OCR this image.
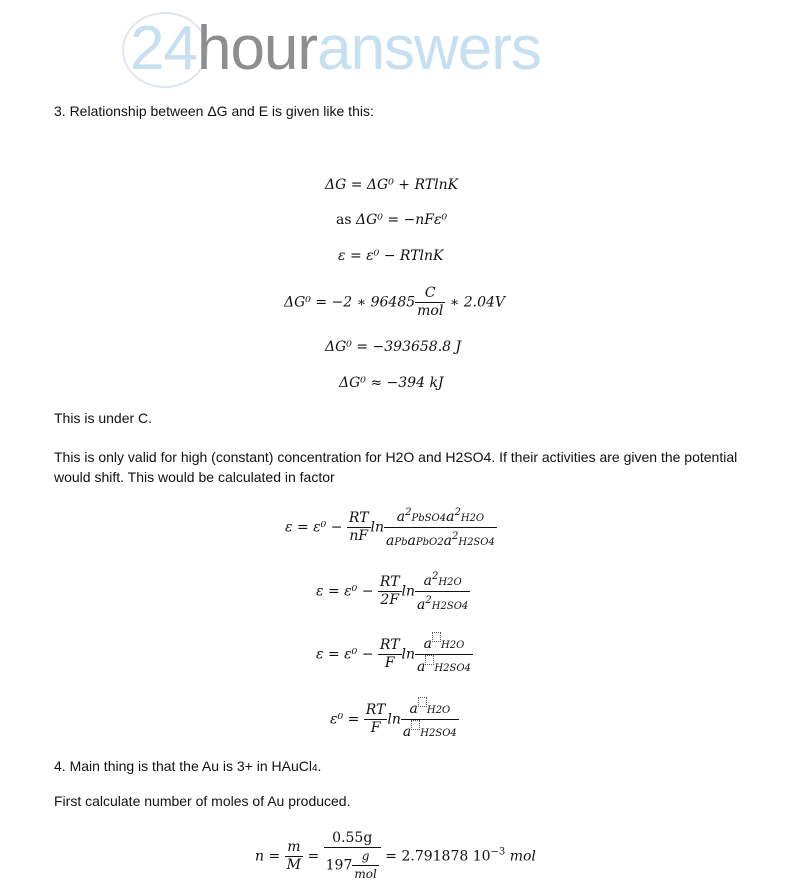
24houranswers
3. Relationship between ΔG and E is given like this:
ΔG = ΔG⁰ + RTlnK
as ΔG⁰ = −nFε⁰
ε = ε⁰ − RTlnK
ΔG⁰ = −2 ∗ $96485 \frac{C}{\text{mol}}$ ∗ 2.04V
ΔG⁰ = −393658.8 J
ΔG⁰ ≈ −394 kJ
This is under C.
This is only valid for high (constant) concentration for H2O and H2SO4. If their activities are given the potential would shift. This would be calculated in factor
$\varepsilon = \varepsilon^0 - \frac{RT}{nF}$ $\ln \frac{a^2PbSO4a^2H2O}{aPbaPbO2a^2H2SO4}$
$\varepsilon = \varepsilon^0 - \frac{RT}{2F}$ $\ln \frac{a^2H2O}{a^2H2SO4}$
$\varepsilon = \varepsilon^0 - \frac{RT}{F}$ $\ln \frac{\text{a H2O}}{\text{a H2SO4}}$
$\varepsilon^0 = \frac{RT}{F}$ $\ln \frac{\text{a H2O}}{\text{a H2SO4}}$
4. Main thing is that the Au is 3+ in HAuCl4.
First calculate number of moles of Au produced.
$n = \frac{m}{M} = \frac{0.55g}{197 \frac{g}{\text{mol}}} = 2.791878$ $10^{-3}$ mol
